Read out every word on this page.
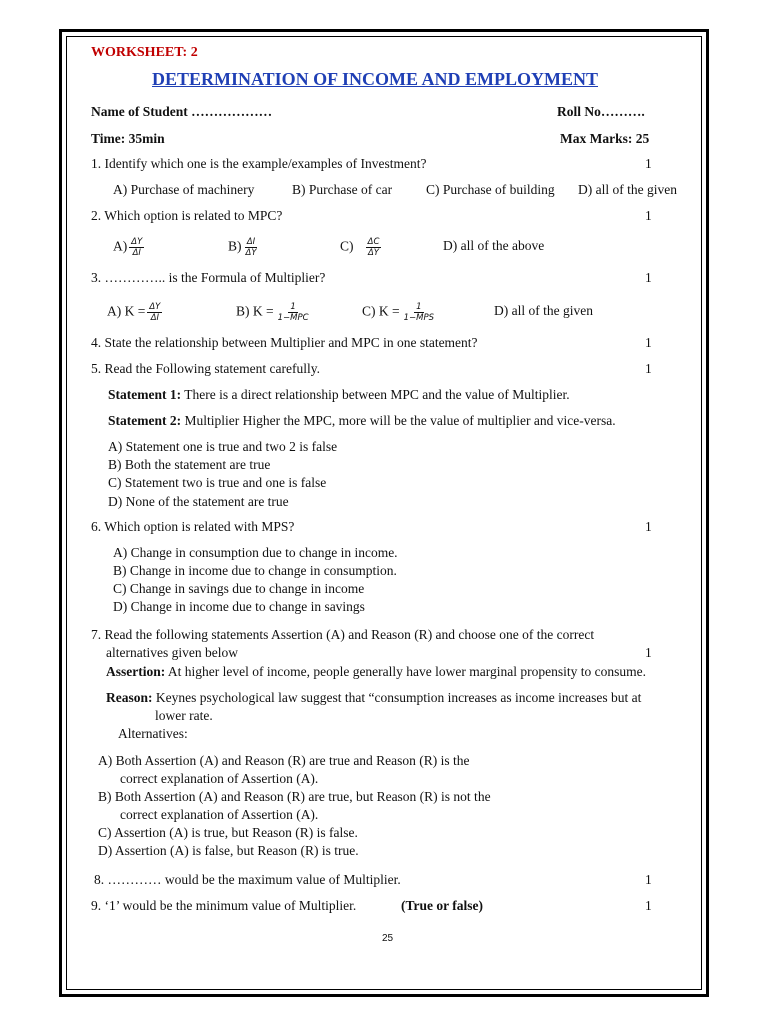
WORKSHEET: 2
DETERMINATION OF INCOME AND EMPLOYMENT
Name of Student ………………	Roll No……….
Time: 35min	Max Marks: 25
1. Identify which one is the example/examples of Investment?	1
A) Purchase of machinery	B) Purchase of car	C) Purchase of building D) all of the given
2. Which option is related to MPC?	1
$A) \frac{\Delta Y}{\Delta I}$	$B) \frac{\Delta I}{\Delta Y}$	$C) \frac{\Delta C}{\Delta Y}$	D) all of the above
3. ………….. is the Formula of Multiplier?	1
A) $K = \frac{\Delta Y}{\Delta I}$	B) $K = \frac{1}{\text{1−MPC}}$	C) $K = \frac{1}{\text{1−MPS}}$	D) all of the given
4. State the relationship between Multiplier and MPC in one statement?	1
5. Read the Following statement carefully.	1
Statement 1: There is a direct relationship between MPC and the value of Multiplier.
Statement 2: Multiplier Higher the MPC, more will be the value of multiplier and vice-versa.
A) Statement one is true and two 2 is false
B) Both the statement are true
C) Statement two is true and one is false
D) None of the statement are true
6. Which option is related with MPS?	1
A) Change in consumption due to change in income.
B) Change in income due to change in consumption.
C) Change in savings due to change in income
D) Change in income due to change in savings
7. Read the following statements Assertion (A) and Reason (R) and choose one of the correct
alternatives given below	1
Assertion: At higher level of income, people generally have lower marginal propensity to consume.
Reason: Keynes psychological law suggest that “consumption increases as income increases but at
lower rate.
Alternatives:
A) Both Assertion (A) and Reason (R) are true and Reason (R) is the
correct explanation of Assertion (A).
B) Both Assertion (A) and Reason (R) are true, but Reason (R) is not the
correct explanation of Assertion (A).
C) Assertion (A) is true, but Reason (R) is false.
D) Assertion (A) is false, but Reason (R) is true.
8. ………… would be the maximum value of Multiplier.	1
9. ‘1’ would be the minimum value of Multiplier.	(True or false)	1
25
